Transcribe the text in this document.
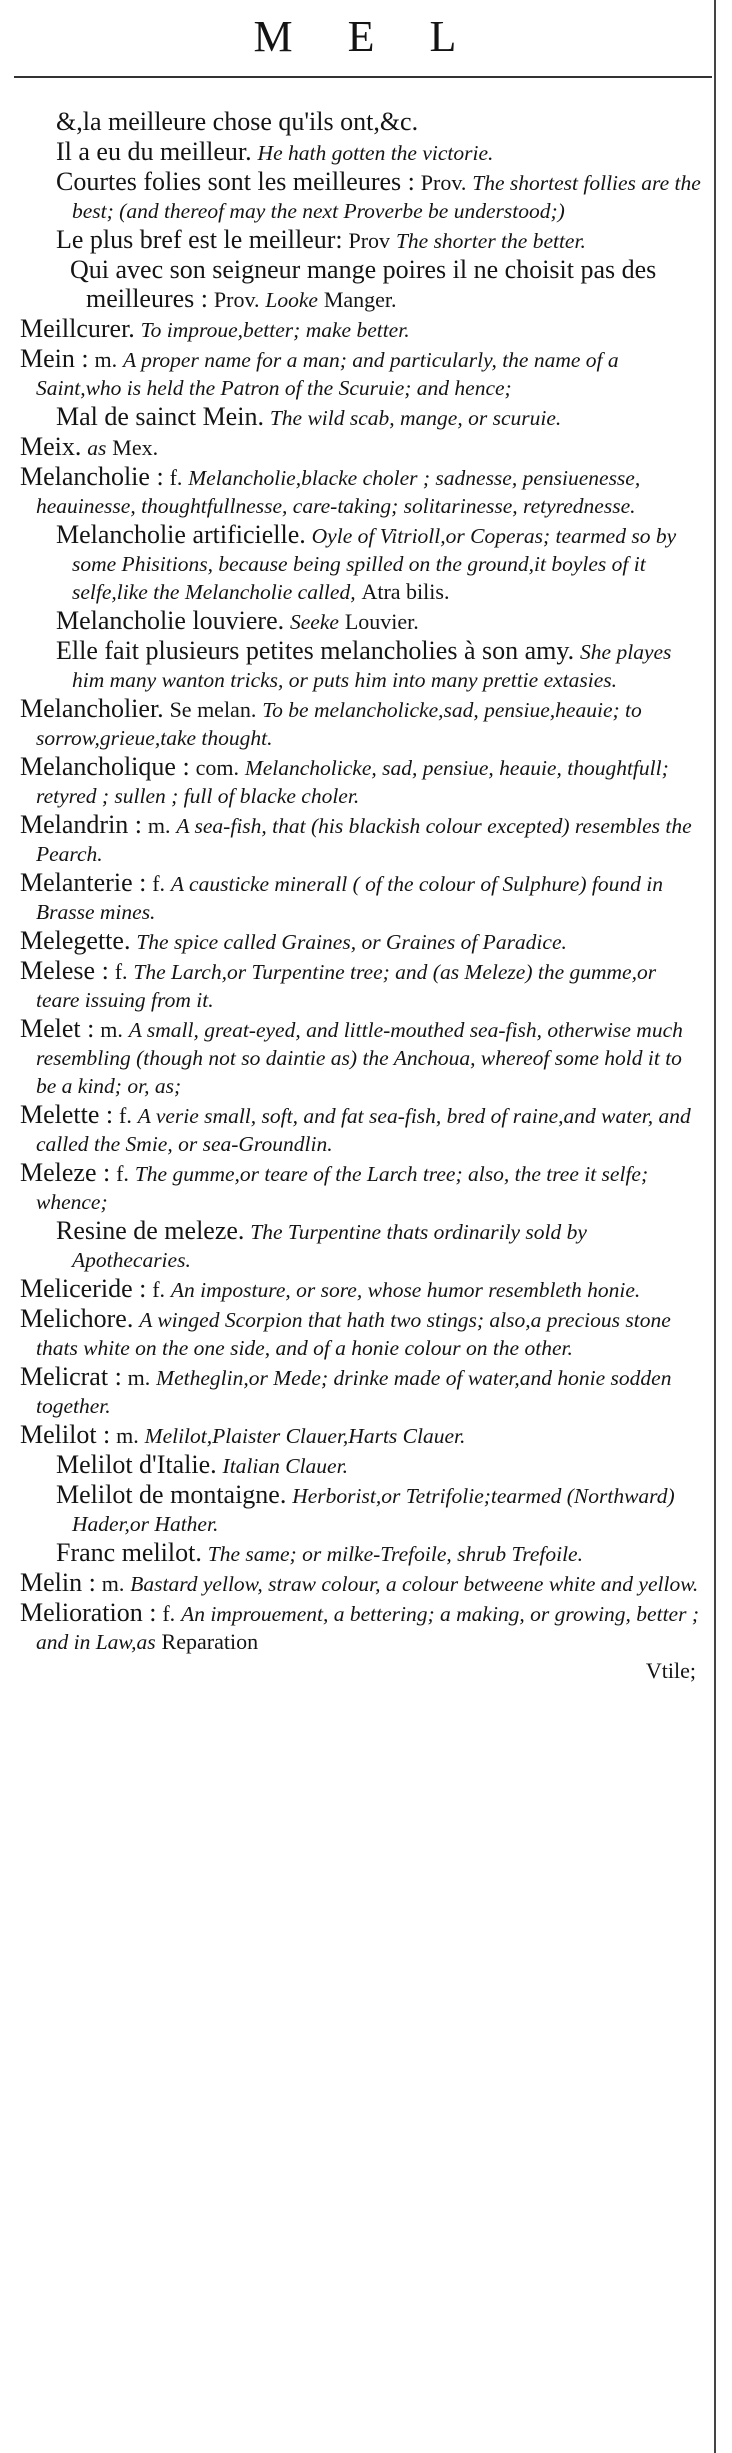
M E L
&,la meilleure chose qu'ils ont,&c.
Il a eu du meilleur. He hath gotten the victorie.
Courtes folies sont les meilleures : Prov. The shortest follies are the best; (and thereof may the next Proverbe be understood;)
Le plus bref est le meilleur: Prov The shorter the better.
Qui avec son seigneur mange poires il ne choisit pas des meilleures : Prov. Looke Manger.
Meillcurer. To improue,better; make better.
Mein : m. A proper name for a man; and particularly, the name of a Saint,who is held the Patron of the Scuruie; and hence;
Mal de sainct Mein. The wild scab, mange, or scuruie.
Meix. as Mex.
Melancholie : f. Melancholie,blacke choler ; sadnesse, pensiuenesse, heauinesse, thoughtfullnesse, care-taking; solitarinesse, retyrednesse.
Melancholie artificielle. Oyle of Vitrioll,or Coperas; tearmed so by some Phisitions, because being spilled on the ground,it boyles of it selfe,like the Melancholie called, Atra bilis.
Melancholie louviere. Seeke Louvier.
Elle fait plusieurs petites melancholies à son amy. She playes him many wanton tricks, or puts him into many prettie extasies.
Melancholier. Se melan. To be melancholicke,sad, pensiue,heauie; to sorrow,grieue,take thought.
Melancholique : com. Melancholicke, sad, pensiue, heauie, thoughtfull; retyred ; sullen ; full of blacke choler.
Melandrin : m. A sea-fish, that (his blackish colour excepted) resembles the Pearch.
Melanterie : f. A causticke minerall ( of the colour of Sulphure) found in Brasse mines.
Melegette. The spice called Graines, or Graines of Paradice.
Melese : f. The Larch,or Turpentine tree; and (as Meleze) the gumme,or teare issuing from it.
Melet : m. A small, great-eyed, and little-mouthed sea-fish, otherwise much resembling (though not so daintie as) the Anchoua, whereof some hold it to be a kind; or, as;
Melette : f. A verie small, soft, and fat sea-fish, bred of raine,and water, and called the Smie, or sea-Groundlin.
Meleze : f. The gumme,or teare of the Larch tree; also, the tree it selfe; whence;
Resine de meleze. The Turpentine thats ordinarily sold by Apothecaries.
Meliceride : f. An imposture, or sore, whose humor resembleth honie.
Melichore. A winged Scorpion that hath two stings; also,a precious stone thats white on the one side, and of a honie colour on the other.
Melicrat : m. Metheglin,or Mede; drinke made of water,and honie sodden together.
Melilot : m. Melilot,Plaister Clauer,Harts Clauer.
Melilot d'Italie. Italian Clauer.
Melilot de montaigne. Herborist,or Tetrifolie;tearmed (Northward) Hader,or Hather.
Franc melilot. The same; or milke-Trefoile, shrub Trefoile.
Melin : m. Bastard yellow, straw colour, a colour betweene white and yellow.
Melioration : f. An improuement, a bettering; a making, or growing, better ; and in Law,as Reparation
Vtile;
